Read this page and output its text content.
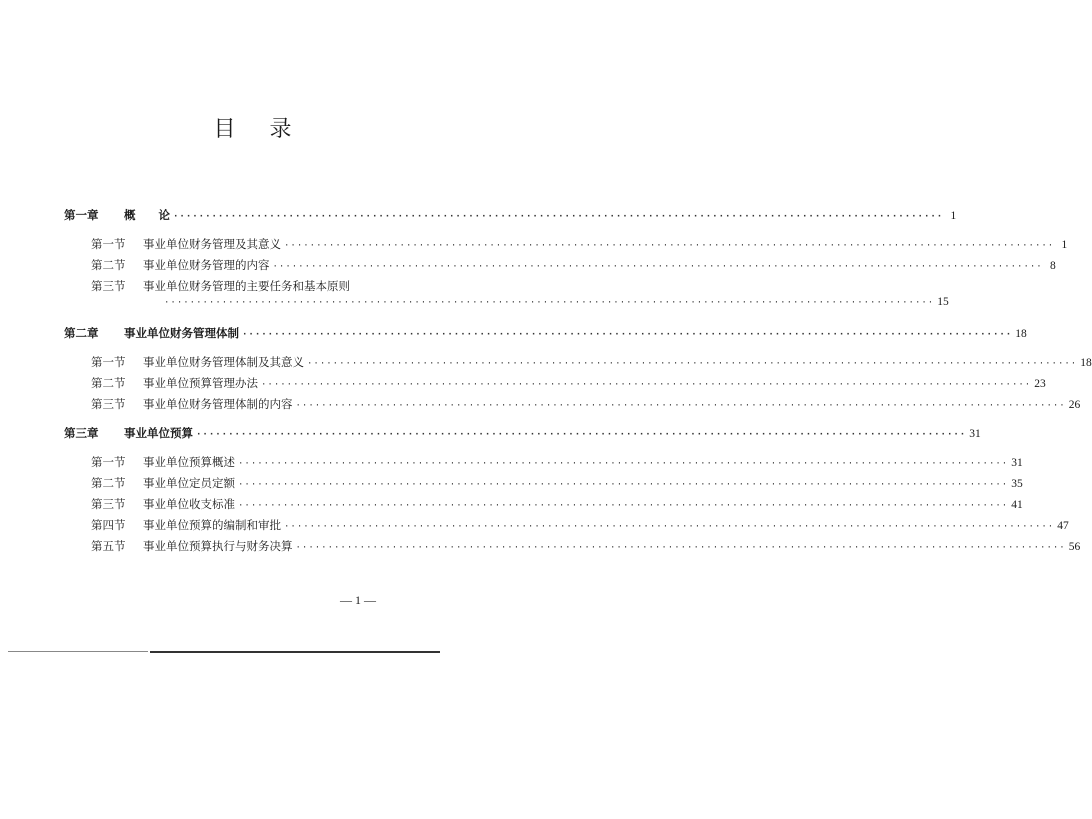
目 录
第一章	概　　论 ························································································································ 1
第一节	事业单位财务管理及其意义 ························································································································ 1
第二节	事业单位财务管理的内容 ························································································································ 8
第三节	事业单位财务管理的主要任务和基本原则
························································································································ 15
第二章	事业单位财务管理体制 ························································································································ 18
第一节	事业单位财务管理体制及其意义 ························································································································ 18
第二节	事业单位预算管理办法 ························································································································ 23
第三节	事业单位财务管理体制的内容 ························································································································ 26
第三章	事业单位预算 ························································································································ 31
第一节	事业单位预算概述 ························································································································ 31
第二节	事业单位定员定额 ························································································································ 35
第三节	事业单位收支标准 ························································································································ 41
第四节	事业单位预算的编制和审批 ························································································································ 47
第五节	事业单位预算执行与财务决算 ························································································································ 56
— 1 —
